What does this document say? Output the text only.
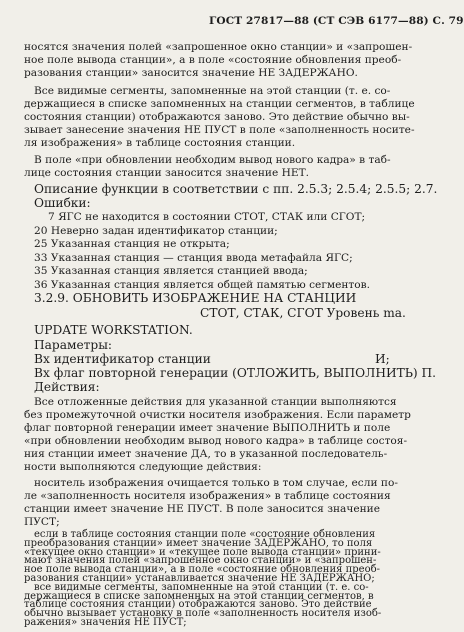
ГОСТ 27817—88 (СТ СЭВ 6177—88) С. 79
носятся значения полей «запрошенное окно станции» и «запрошен-
ное поле вывода станции», а в поле «состояние обновления преоб-
разования станции» заносится значение НЕ ЗАДЕРЖАНО.
Все видимые сегменты, запомненные на этой станции (т. е. со-
держащиеся в списке запомненных на станции сегментов, в таблице
состояния станции) отображаются заново. Это действие обычно вы-
зывает занесение значения НЕ ПУСТ в поле «заполненность носите-
ля изображения» в таблице состояния станции.
В поле «при обновлении необходим вывод нового кадра» в таб-
лице состояния станции заносится значение НЕТ.
Описание функции в соответствии с пп. 2.5.3; 2.5.4; 2.5.5; 2.7.
Ошибки:
7 ЯГС не находится в состоянии СТОТ, СТАК или СГОТ;
20 Неверно задан идентификатор станции;
25 Указанная станция не открыта;
33 Указанная станция — станция ввода метафайла ЯГС;
35 Указанная станция является станцией ввода;
36 Указанная станция является общей памятью сегментов.
3.2.9. ОБНОВИТЬ ИЗОБРАЖЕНИЕ НА СТАНЦИИ
СТОТ, СТАК, СГОТ Уровень ma.
UPDATE WORKSTATION.
Параметры:
Вх идентификатор станции	И;
Вх флаг повторной генерации (ОТЛОЖИТЬ, ВЫПОЛНИТЬ) П.
Действия:
Все отложенные действия для указанной станции выполняются
без промежуточной очистки носителя изображения. Если параметр
флаг повторной генерации имеет значение ВЫПОЛНИТЬ и поле
«при обновлении необходим вывод нового кадра» в таблице состоя-
ния станции имеет значение ДА, то в указанной последователь-
ности выполняются следующие действия:
носитель изображения очищается только в том случае, если по-
ле «заполненность носителя изображения» в таблице состояния
станции имеет значение НЕ ПУСТ. В поле заносится значение
ПУСТ;
если в таблице состояния станции поле «состояние обновления
преобразования станции» имеет значение ЗАДЕРЖАНО, то поля
«текущее окно станции» и «текущее поле вывода станции» прини-
мают значения полей «запрошенное окно станции» и «запрошен-
ное поле вывода станции», а в поле «состояние обновления преоб-
разования станции» устанавливается значение НЕ ЗАДЕРЖАНО;
все видимые сегменты, запомненные на этой станции (т. е. со-
держащиеся в списке запомненных на этой станции сегментов, в
таблице состояния станции) отображаются заново. Это действие
обычно вызывает установку в поле «заполненность носителя изоб-
ражения» значения НЕ ПУСТ;
